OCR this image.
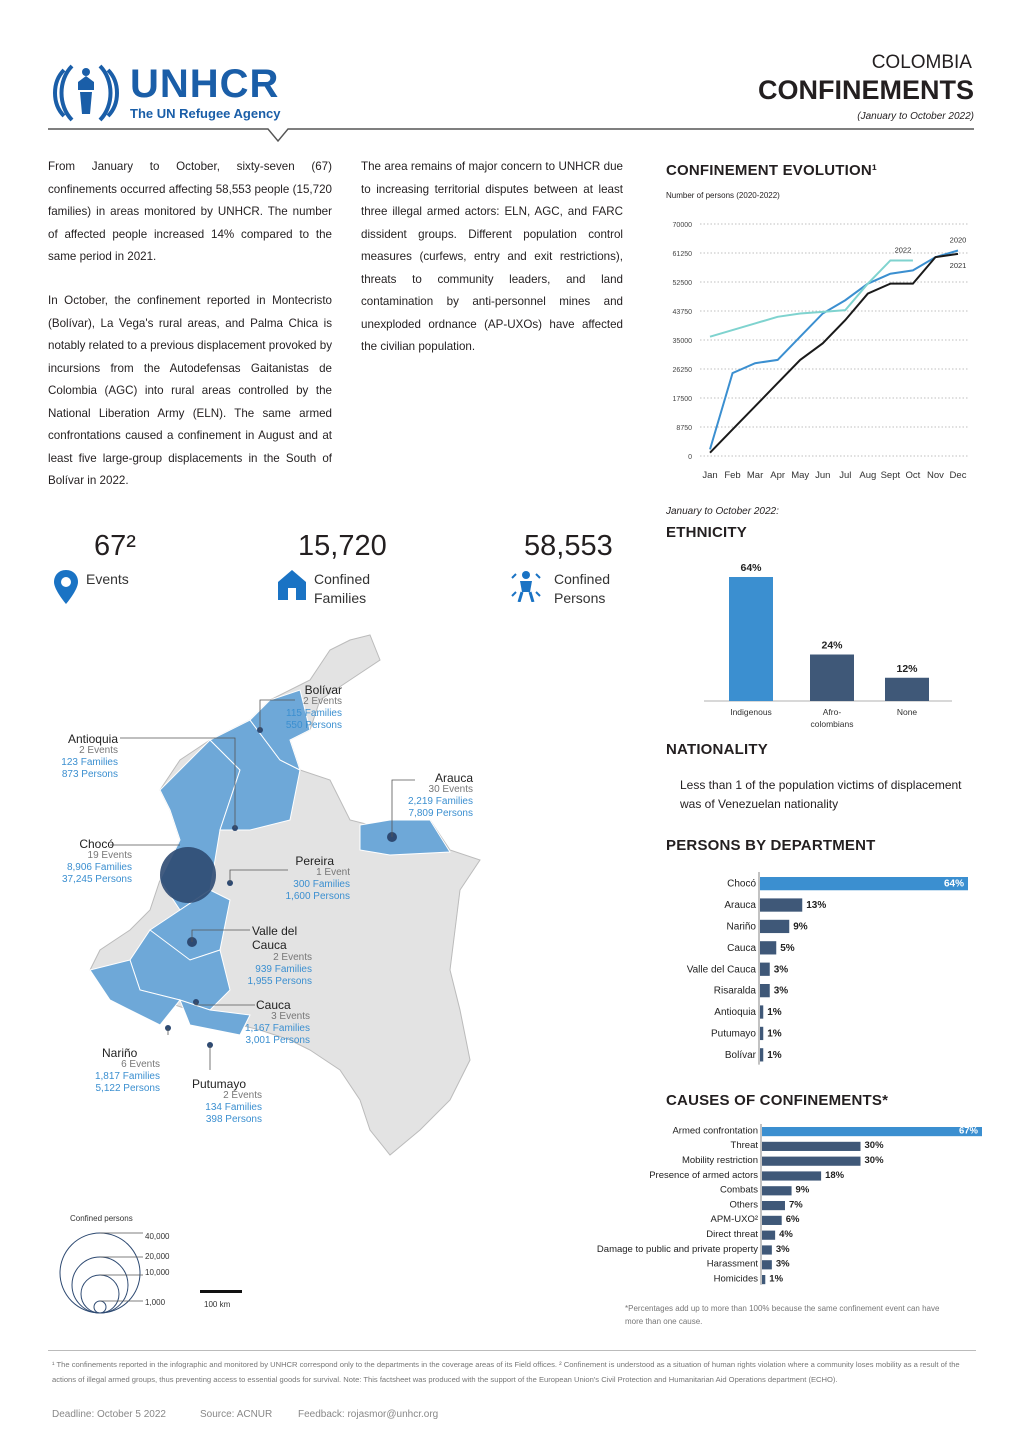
UNHCR
The UN Refugee Agency
COLOMBIA
CONFINEMENTS
(January to October 2022)
From January to October, sixty-seven (67) confinements occurred affecting 58,553 people (15,720 families) in areas monitored by UNHCR. The number of affected people increased 14% compared to the same period in 2021.
In October, the confinement reported in Montecristo (Bolívar), La Vega's rural areas, and Palma Chica is notably related to a previous displacement provoked by incursions from the Autodefensas Gaitanistas de Colombia (AGC) into rural areas controlled by the National Liberation Army (ELN). The same armed confrontations caused a confinement in August and at least five large-group displacements in the South of Bolívar in 2022.
The area remains of major concern to UNHCR due to increasing territorial disputes between at least three illegal armed actors: ELN, AGC, and FARC dissident groups. Different population control measures (curfews, entry and exit restrictions), threats to community leaders, and land contamination by anti-personnel mines and unexploded ordnance (AP-UXOs) have affected the civilian population.
67²
Events
15,720
Confined
Families
58,553
Confined
Persons
Bolívar
2 Events
115 Families
550 Persons
Antioquia
2 Events
123 Families
873 Persons	Arauca
30 Events
2,219 Families
7,809 Persons
Chocó
19 Events
8,906 Families
37,245 Persons
Pereira
1 Event
300 Families
1,600 Persons
Valle del Cauca
2 Events
939 Families
1,955 Persons
Cauca
3 Events
1,167 Families
3,001 Persons
Nariño
6 Events
1,817 Families
5,122 Persons	Putumayo
2 Events
134 Families
398 Persons
Confined persons
40,000
20,000
10,000
1,000	100 km
CONFINEMENT EVOLUTION¹
Number of persons (2020-2022)
0
8750
17500
26250
35000
43750
52500
61250
70000
Jan Feb Mar Apr May Jun Jul Aug Sept Oct Nov Dec
2020
2021
2022
January to October 2022:
ETHNICITY
64%
24%
12%
Indigenous	Afro-colombians
None
NATIONALITY
Less than 1 of the population victims of displacement was of Venezuelan nationality
PERSONS BY DEPARTMENT
Chocó	64%
Arauca	13%
Nariño	9%
Cauca 5%
Valle del Cauca 3%
Risaralda 3%
Antioquia 1%
Putumayo 1%
Bolívar 1%
CAUSES OF CONFINEMENTS*
Armed confrontation	67%
Threat	30%
Mobility restriction	30%
Presence of armed actors	18%
Combats	9%
Others	7%
APM-UXO²	6%
Direct threat 4%
Damage to public and private property 3%
Harassment 3%
Homicides 1%
*Percentages add up to more than 100% because the same confinement event can have more than one cause.
¹ The confinements reported in the infographic and monitored by UNHCR correspond only to the departments in the coverage areas of its Field offices. ² Confinement is understood as a situation of human rights violation where a community loses mobility as a result of the actions of illegal armed groups, thus preventing access to essential goods for survival. Note: This factsheet was produced with the support of the European Union's Civil Protection and Humanitarian Aid Operations department (ECHO).
Deadline: October 5 2022	Source: ACNUR	Feedback: rojasmor@unhcr.org
